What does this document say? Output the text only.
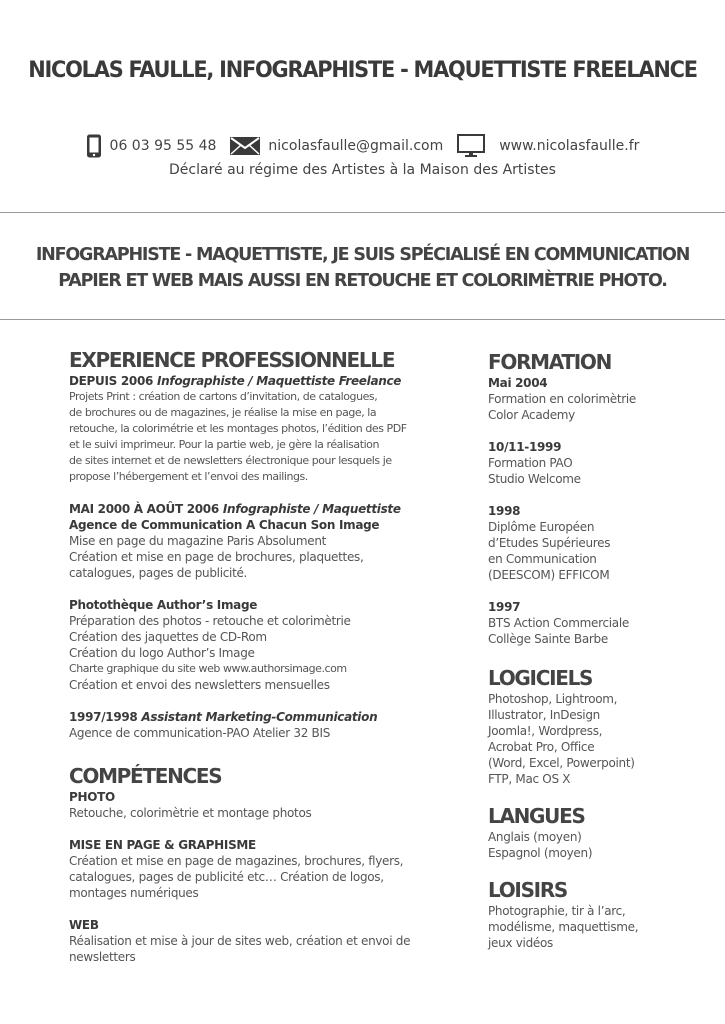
NICOLAS FAULLE, INFOGRAPHISTE - MAQUETTISTE FREELANCE
06 03 95 55 48	nicolasfaulle@gmail.com	www.nicolasfaulle.fr
Déclaré au régime des Artistes à la Maison des Artistes
INFOGRAPHISTE - MAQUETTISTE, JE SUIS SPÉCIALISÉ EN COMMUNICATION
PAPIER ET WEB MAIS AUSSI EN RETOUCHE ET COLORIMÈTRIE PHOTO.
EXPERIENCE PROFESSIONNELLE
DEPUIS 2006 Infographiste / Maquettiste Freelance
Projets Print : création de cartons d’invitation, de catalogues,
de brochures ou de magazines, je réalise la mise en page, la
retouche, la colorimétrie et les montages photos, l’édition des PDF
et le suivi imprimeur. Pour la partie web, je gère la réalisation
de sites internet et de newsletters électronique pour lesquels je
propose l’hébergement et l’envoi des mailings.
MAI 2000 À AOÛT 2006 Infographiste / Maquettiste
Agence de Communication A Chacun Son Image
Mise en page du magazine Paris Absolument
Création et mise en page de brochures, plaquettes,
catalogues, pages de publicité.
Photothèque Author’s Image
Préparation des photos - retouche et colorimètrie
Création des jaquettes de CD-Rom
Création du logo Author’s Image
Charte graphique du site web www.authorsimage.com
Création et envoi des newsletters mensuelles
1997/1998 Assistant Marketing-Communication
Agence de communication-PAO Atelier 32 BIS
COMPÉTENCES
PHOTO
Retouche, colorimètrie et montage photos
MISE EN PAGE & GRAPHISME
Création et mise en page de magazines, brochures, flyers,
catalogues, pages de publicité etc… Création de logos,
montages numériques
WEB
Réalisation et mise à jour de sites web, création et envoi de
newsletters
FORMATION
Mai 2004
Formation en colorimètrie
Color Academy
10/11-1999
Formation PAO
Studio Welcome
1998
Diplôme Européen
d’Etudes Supérieures
en Communication
(DEESCOM) EFFICOM
1997
BTS Action Commerciale
Collège Sainte Barbe
LOGICIELS
Photoshop, Lightroom,
Illustrator, InDesign
Joomla!, Wordpress,
Acrobat Pro, Office
(Word, Excel, Powerpoint)
FTP, Mac OS X
LANGUES
Anglais (moyen)
Espagnol (moyen)
LOISIRS
Photographie, tir à l’arc,
modélisme, maquettisme,
jeux vidéos
